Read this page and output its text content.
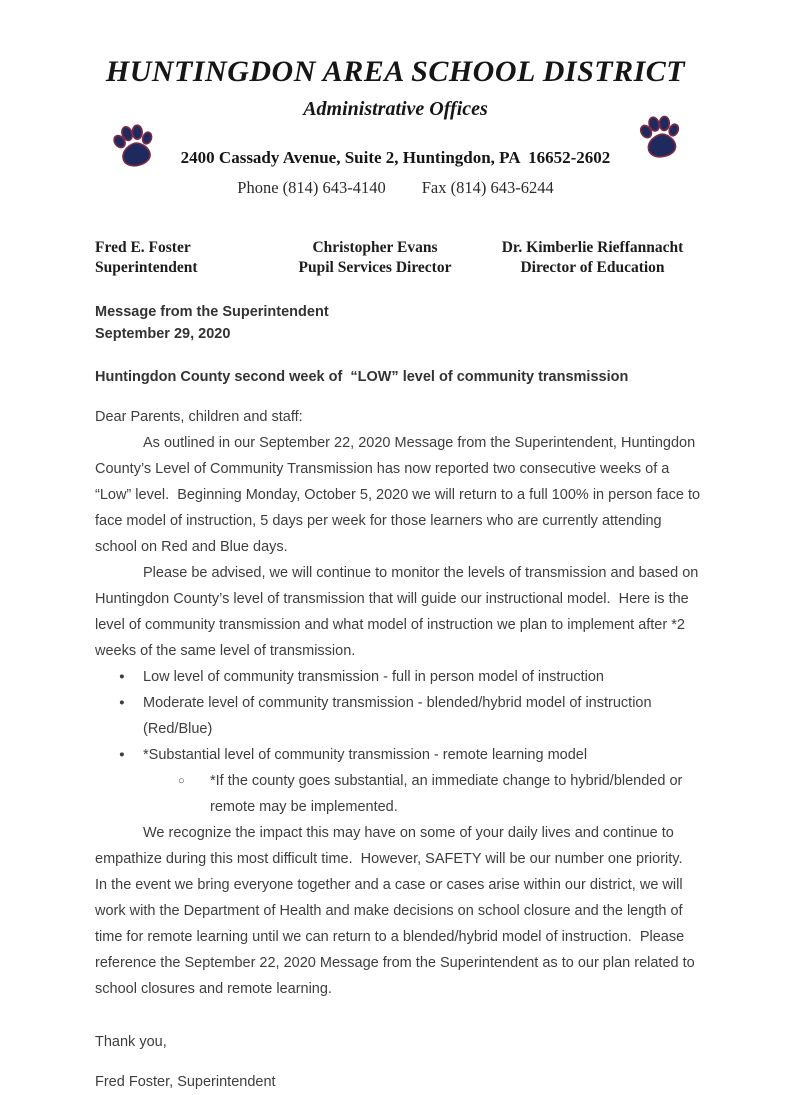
HUNTINGDON AREA SCHOOL DISTRICT
Administrative Offices
2400 Cassady Avenue, Suite 2, Huntingdon, PA  16652-2602
Phone (814) 643-4140 Fax (814) 643-6244
Fred E. Foster
Superintendent
Christopher Evans
Pupil Services Director
Dr. Kimberlie Rieffannacht
Director of Education
Message from the Superintendent
September 29, 2020
Huntingdon County second week of  “LOW” level of community transmission
Dear Parents, children and staff:

As outlined in our September 22, 2020 Message from the Superintendent, Huntingdon County’s Level of Community Transmission has now reported two consecutive weeks of a “Low” level.  Beginning Monday, October 5, 2020 we will return to a full 100% in person face to face model of instruction, 5 days per week for those learners who are currently attending school on Red and Blue days.

Please be advised, we will continue to monitor the levels of transmission and based on Huntingdon County’s level of transmission that will guide our instructional model.  Here is the level of community transmission and what model of instruction we plan to implement after *2 weeks of the same level of transmission.

● Low level of community transmission - full in person model of instruction
● Moderate level of community transmission - blended/hybrid model of instruction (Red/Blue)
● *Substantial level of community transmission - remote learning model
○ *If the county goes substantial, an immediate change to hybrid/blended or remote may be implemented.

We recognize the impact this may have on some of your daily lives and continue to empathize during this most difficult time.  However, SAFETY will be our number one priority.   In the event we bring everyone together and a case or cases arise within our district, we will work with the Department of Health and make decisions on school closure and the length of time for remote learning until we can return to a blended/hybrid model of instruction.  Please reference the September 22, 2020 Message from the Superintendent as to our plan related to school closures and remote learning.

Thank you,
Fred Foster, Superintendent
